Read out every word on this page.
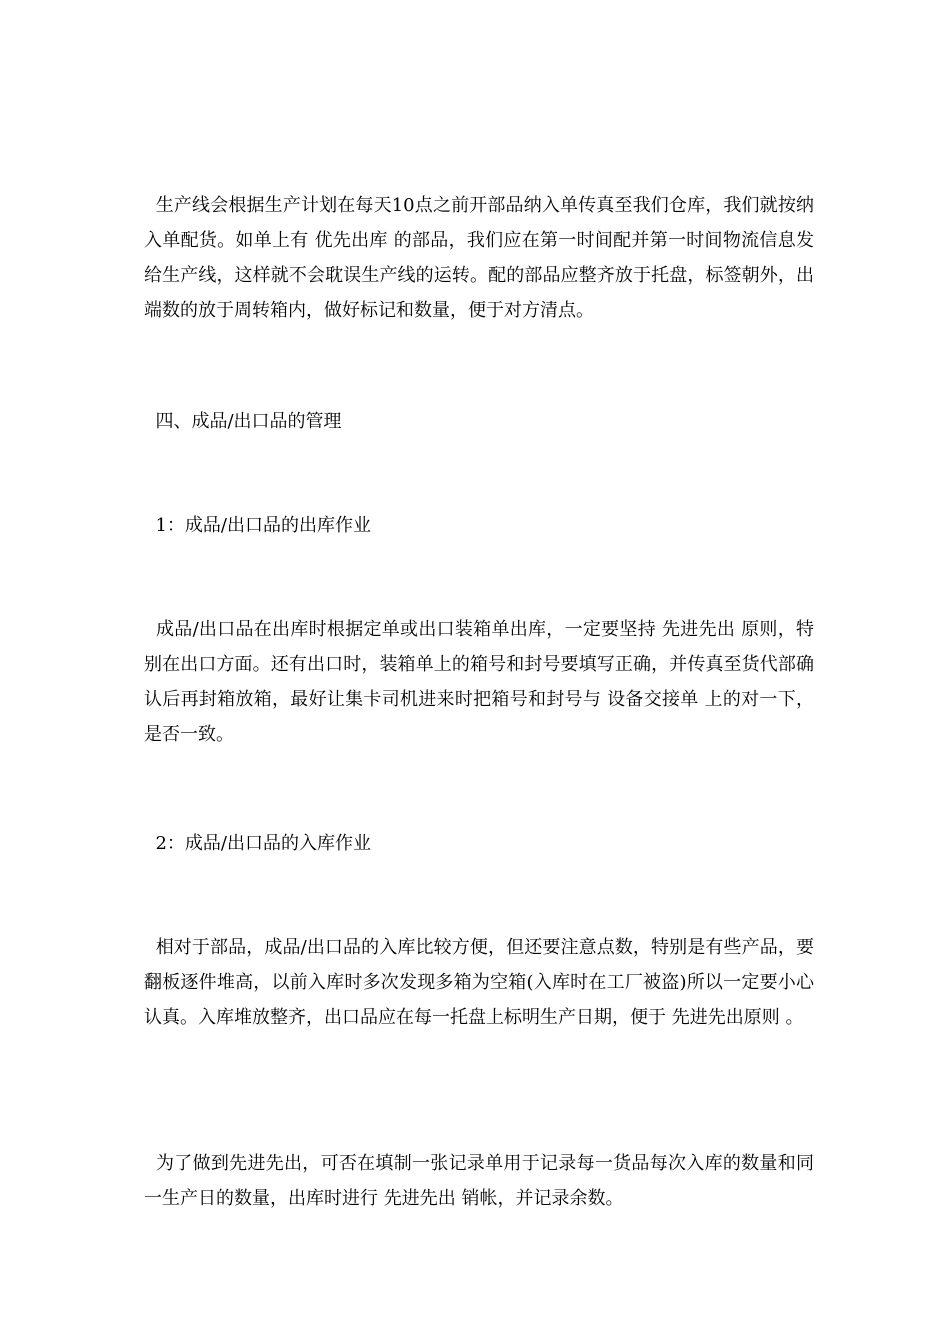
生产线会根据生产计划在每天10点之前开部品纳入单传真至我们仓库，我们就按纳入单配货。如单上有 优先出库 的部品，我们应在第一时间配并第一时间物流信息发给生产线，这样就不会耽误生产线的运转。配的部品应整齐放于托盘，标签朝外，出端数的放于周转箱内，做好标记和数量，便于对方清点。
四、成品/出口品的管理
1：成品/出口品的出库作业
成品/出口品在出库时根据定单或出口装箱单出库，一定要坚持 先进先出 原则，特别在出口方面。还有出口时，装箱单上的箱号和封号要填写正确，并传真至货代部确认后再封箱放箱，最好让集卡司机进来时把箱号和封号与 设备交接单 上的对一下，是否一致。
2：成品/出口品的入库作业
相对于部品，成品/出口品的入库比较方便，但还要注意点数，特别是有些产品，要翻板逐件堆高，以前入库时多次发现多箱为空箱(入库时在工厂被盗)所以一定要小心认真。入库堆放整齐，出口品应在每一托盘上标明生产日期，便于 先进先出原则 。
为了做到先进先出，可否在填制一张记录单用于记录每一货品每次入库的数量和同一生产日的数量，出库时进行 先进先出 销帐，并记录余数。
